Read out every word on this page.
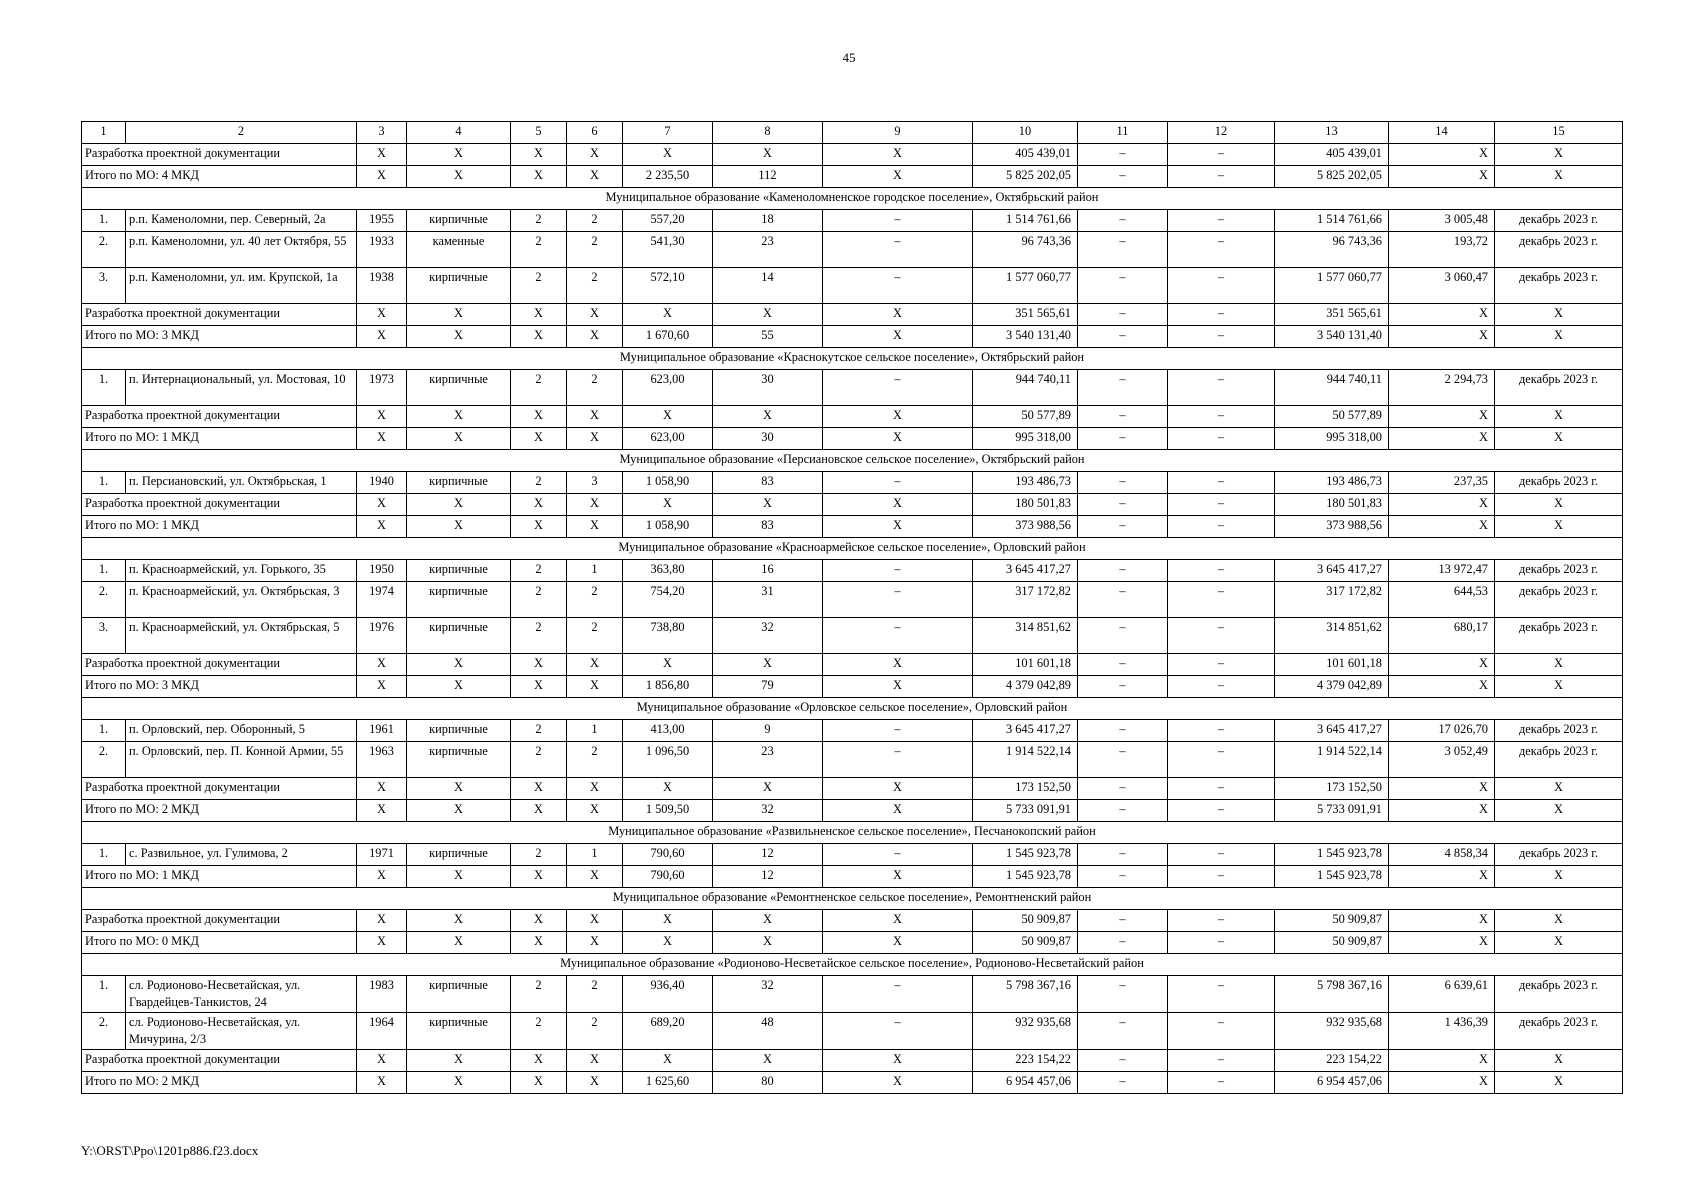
45
1	2	3	4	5	6	7	8	9	10	11	12	13	14	15
Разработка проектной документации		X	X	X	X	X	X	X	405 439,01	–	–	405 439,01	X	X
Итого по МО: 4 МКД		X	X	X	X	2 235,50	112	X	5 825 202,05	–	–	5 825 202,05	X	X
Муниципальное образование «Каменоломненское городское поселение», Октябрьский район														
1.	р.п. Каменоломни, пер. Северный, 2а	1955	кирпичные	2	2	557,20	18	–	1 514 761,66	–	–	1 514 761,66	3 005,48	декабрь 2023 г.
2.	р.п. Каменоломни, ул. 40 лет Октября, 55	1933	каменные	2	2	541,30	23	–	96 743,36	–	–	96 743,36	193,72	декабрь 2023 г.
3.	р.п. Каменоломни, ул. им. Крупской, 1а	1938	кирпичные	2	2	572,10	14	–	1 577 060,77	–	–	1 577 060,77	3 060,47	декабрь 2023 г.
Разработка проектной документации		X	X	X	X	X	X	X	351 565,61	–	–	351 565,61	X	X
Итого по МО: 3 МКД		X	X	X	X	1 670,60	55	X	3 540 131,40	–	–	3 540 131,40	X	X
Муниципальное образование «Краснокутское сельское поселение», Октябрьский район														
1.	п. Интернациональный, ул. Мостовая, 10	1973	кирпичные	2	2	623,00	30	–	944 740,11	–	–	944 740,11	2 294,73	декабрь 2023 г.
Разработка проектной документации		X	X	X	X	X	X	X	50 577,89	–	–	50 577,89	X	X
Итого по МО: 1 МКД		X	X	X	X	623,00	30	X	995 318,00	–	–	995 318,00	X	X
Муниципальное образование «Персиановское сельское поселение», Октябрьский район														
1.	п. Персиановский, ул. Октябрьская, 1	1940	кирпичные	2	3	1 058,90	83	–	193 486,73	–	–	193 486,73	237,35	декабрь 2023 г.
Разработка проектной документации		X	X	X	X	X	X	X	180 501,83	–	–	180 501,83	X	X
Итого по МО: 1 МКД		X	X	X	X	1 058,90	83	X	373 988,56	–	–	373 988,56	X	X
Муниципальное образование «Красноармейское сельское поселение», Орловский район														
1.	п. Красноармейский, ул. Горького, 35	1950	кирпичные	2	1	363,80	16	–	3 645 417,27	–	–	3 645 417,27	13 972,47	декабрь 2023 г.
2.	п. Красноармейский, ул. Октябрьская, 3	1974	кирпичные	2	2	754,20	31	–	317 172,82	–	–	317 172,82	644,53	декабрь 2023 г.
3.	п. Красноармейский, ул. Октябрьская, 5	1976	кирпичные	2	2	738,80	32	–	314 851,62	–	–	314 851,62	680,17	декабрь 2023 г.
Разработка проектной документации		X	X	X	X	X	X	X	101 601,18	–	–	101 601,18	X	X
Итого по МО: 3 МКД		X	X	X	X	1 856,80	79	X	4 379 042,89	–	–	4 379 042,89	X	X
Муниципальное образование «Орловское сельское поселение», Орловский район														
1.	п. Орловский, пер. Оборонный, 5	1961	кирпичные	2	1	413,00	9	–	3 645 417,27	–	–	3 645 417,27	17 026,70	декабрь 2023 г.
2.	п. Орловский, пер. П. Конной Армии, 55	1963	кирпичные	2	2	1 096,50	23	–	1 914 522,14	–	–	1 914 522,14	3 052,49	декабрь 2023 г.
Разработка проектной документации		X	X	X	X	X	X	X	173 152,50	–	–	173 152,50	X	X
Итого по МО: 2 МКД		X	X	X	X	1 509,50	32	X	5 733 091,91	–	–	5 733 091,91	X	X
Муниципальное образование «Развильненское сельское поселение», Песчанокопский район														
1.	с. Развильное, ул. Гулимова, 2	1971	кирпичные	2	1	790,60	12	–	1 545 923,78	–	–	1 545 923,78	4 858,34	декабрь 2023 г.
Итого по МО: 1 МКД		X	X	X	X	790,60	12	X	1 545 923,78	–	–	1 545 923,78	X	X
Муниципальное образование «Ремонтненское сельское поселение», Ремонтненский район														
Разработка проектной документации		X	X	X	X	X	X	X	50 909,87	–	–	50 909,87	X	X
Итого по МО: 0 МКД		X	X	X	X	X	X	X	50 909,87	–	–	50 909,87	X	X
Муниципальное образование «Родионово-Несветайское сельское поселение», Родионово-Несветайский район														
1.	сл. Родионово-Несветайская, ул. Гвардейцев-Танкистов, 24	1983	кирпичные	2	2	936,40	32	–	5 798 367,16	–	–	5 798 367,16	6 639,61	декабрь 2023 г.
2.	сл. Родионово-Несветайская, ул. Мичурина, 2/3	1964	кирпичные	2	2	689,20	48	–	932 935,68	–	–	932 935,68	1 436,39	декабрь 2023 г.
Разработка проектной документации		X	X	X	X	X	X	X	223 154,22	–	–	223 154,22	X	X
Итого по МО: 2 МКД		X	X	X	X	1 625,60	80	X	6 954 457,06	–	–	6 954 457,06	X	X
Y:\ORST\Ppo\1201p886.f23.docx
